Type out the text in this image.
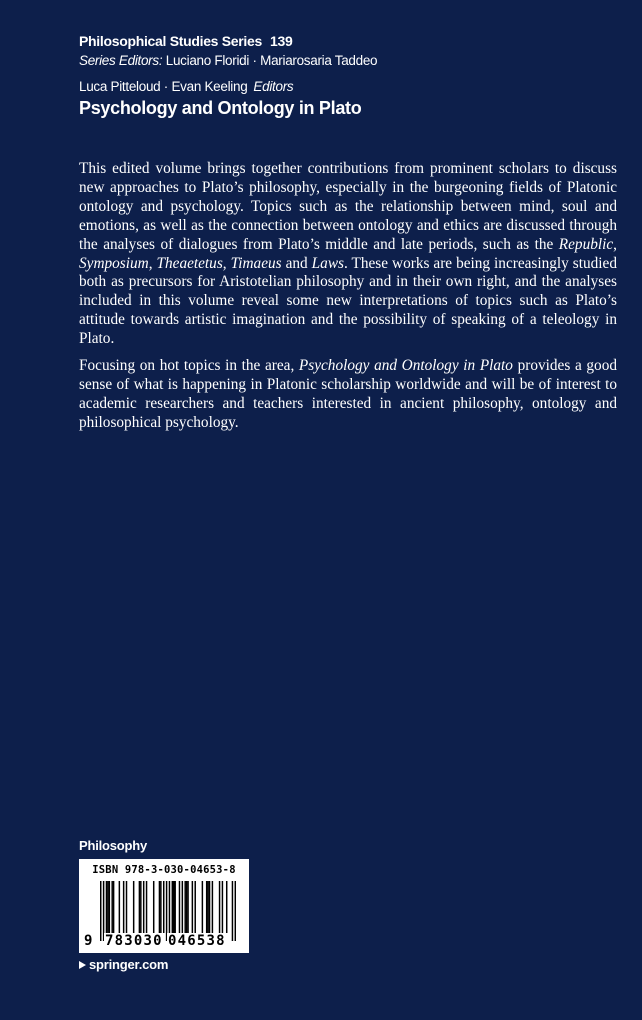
Philosophical Studies Series 139
Series Editors: Luciano Floridi · Mariarosaria Taddeo
Luca Pitteloud · Evan Keeling Editors
Psychology and Ontology in Plato

This edited volume brings together contributions from prominent scholars to discuss new approaches to Plato’s philosophy, especially in the burgeoning fields of Platonic ontology and psychology. Topics such as the relationship between mind, soul and emotions, as well as the connection between ontology and ethics are discussed through the analyses of dialogues from Plato’s middle and late periods, such as the Republic, Symposium, Theaetetus, Timaeus and Laws. These works are being increasingly studied both as precursors for Aristotelian philosophy and in their own right, and the analyses included in this volume reveal some new interpretations of topics such as Plato’s attitude towards artistic imagination and the possibility of speaking of a teleology in Plato.

Focusing on hot topics in the area, Psychology and Ontology in Plato provides a good sense of what is happening in Platonic scholarship worldwide and will be of interest to academic researchers and teachers interested in ancient philosophy, ontology and philosophical psychology.

Philosophy
ISBN 978-3-030-04653-8
9 783030 046538
springer.com
